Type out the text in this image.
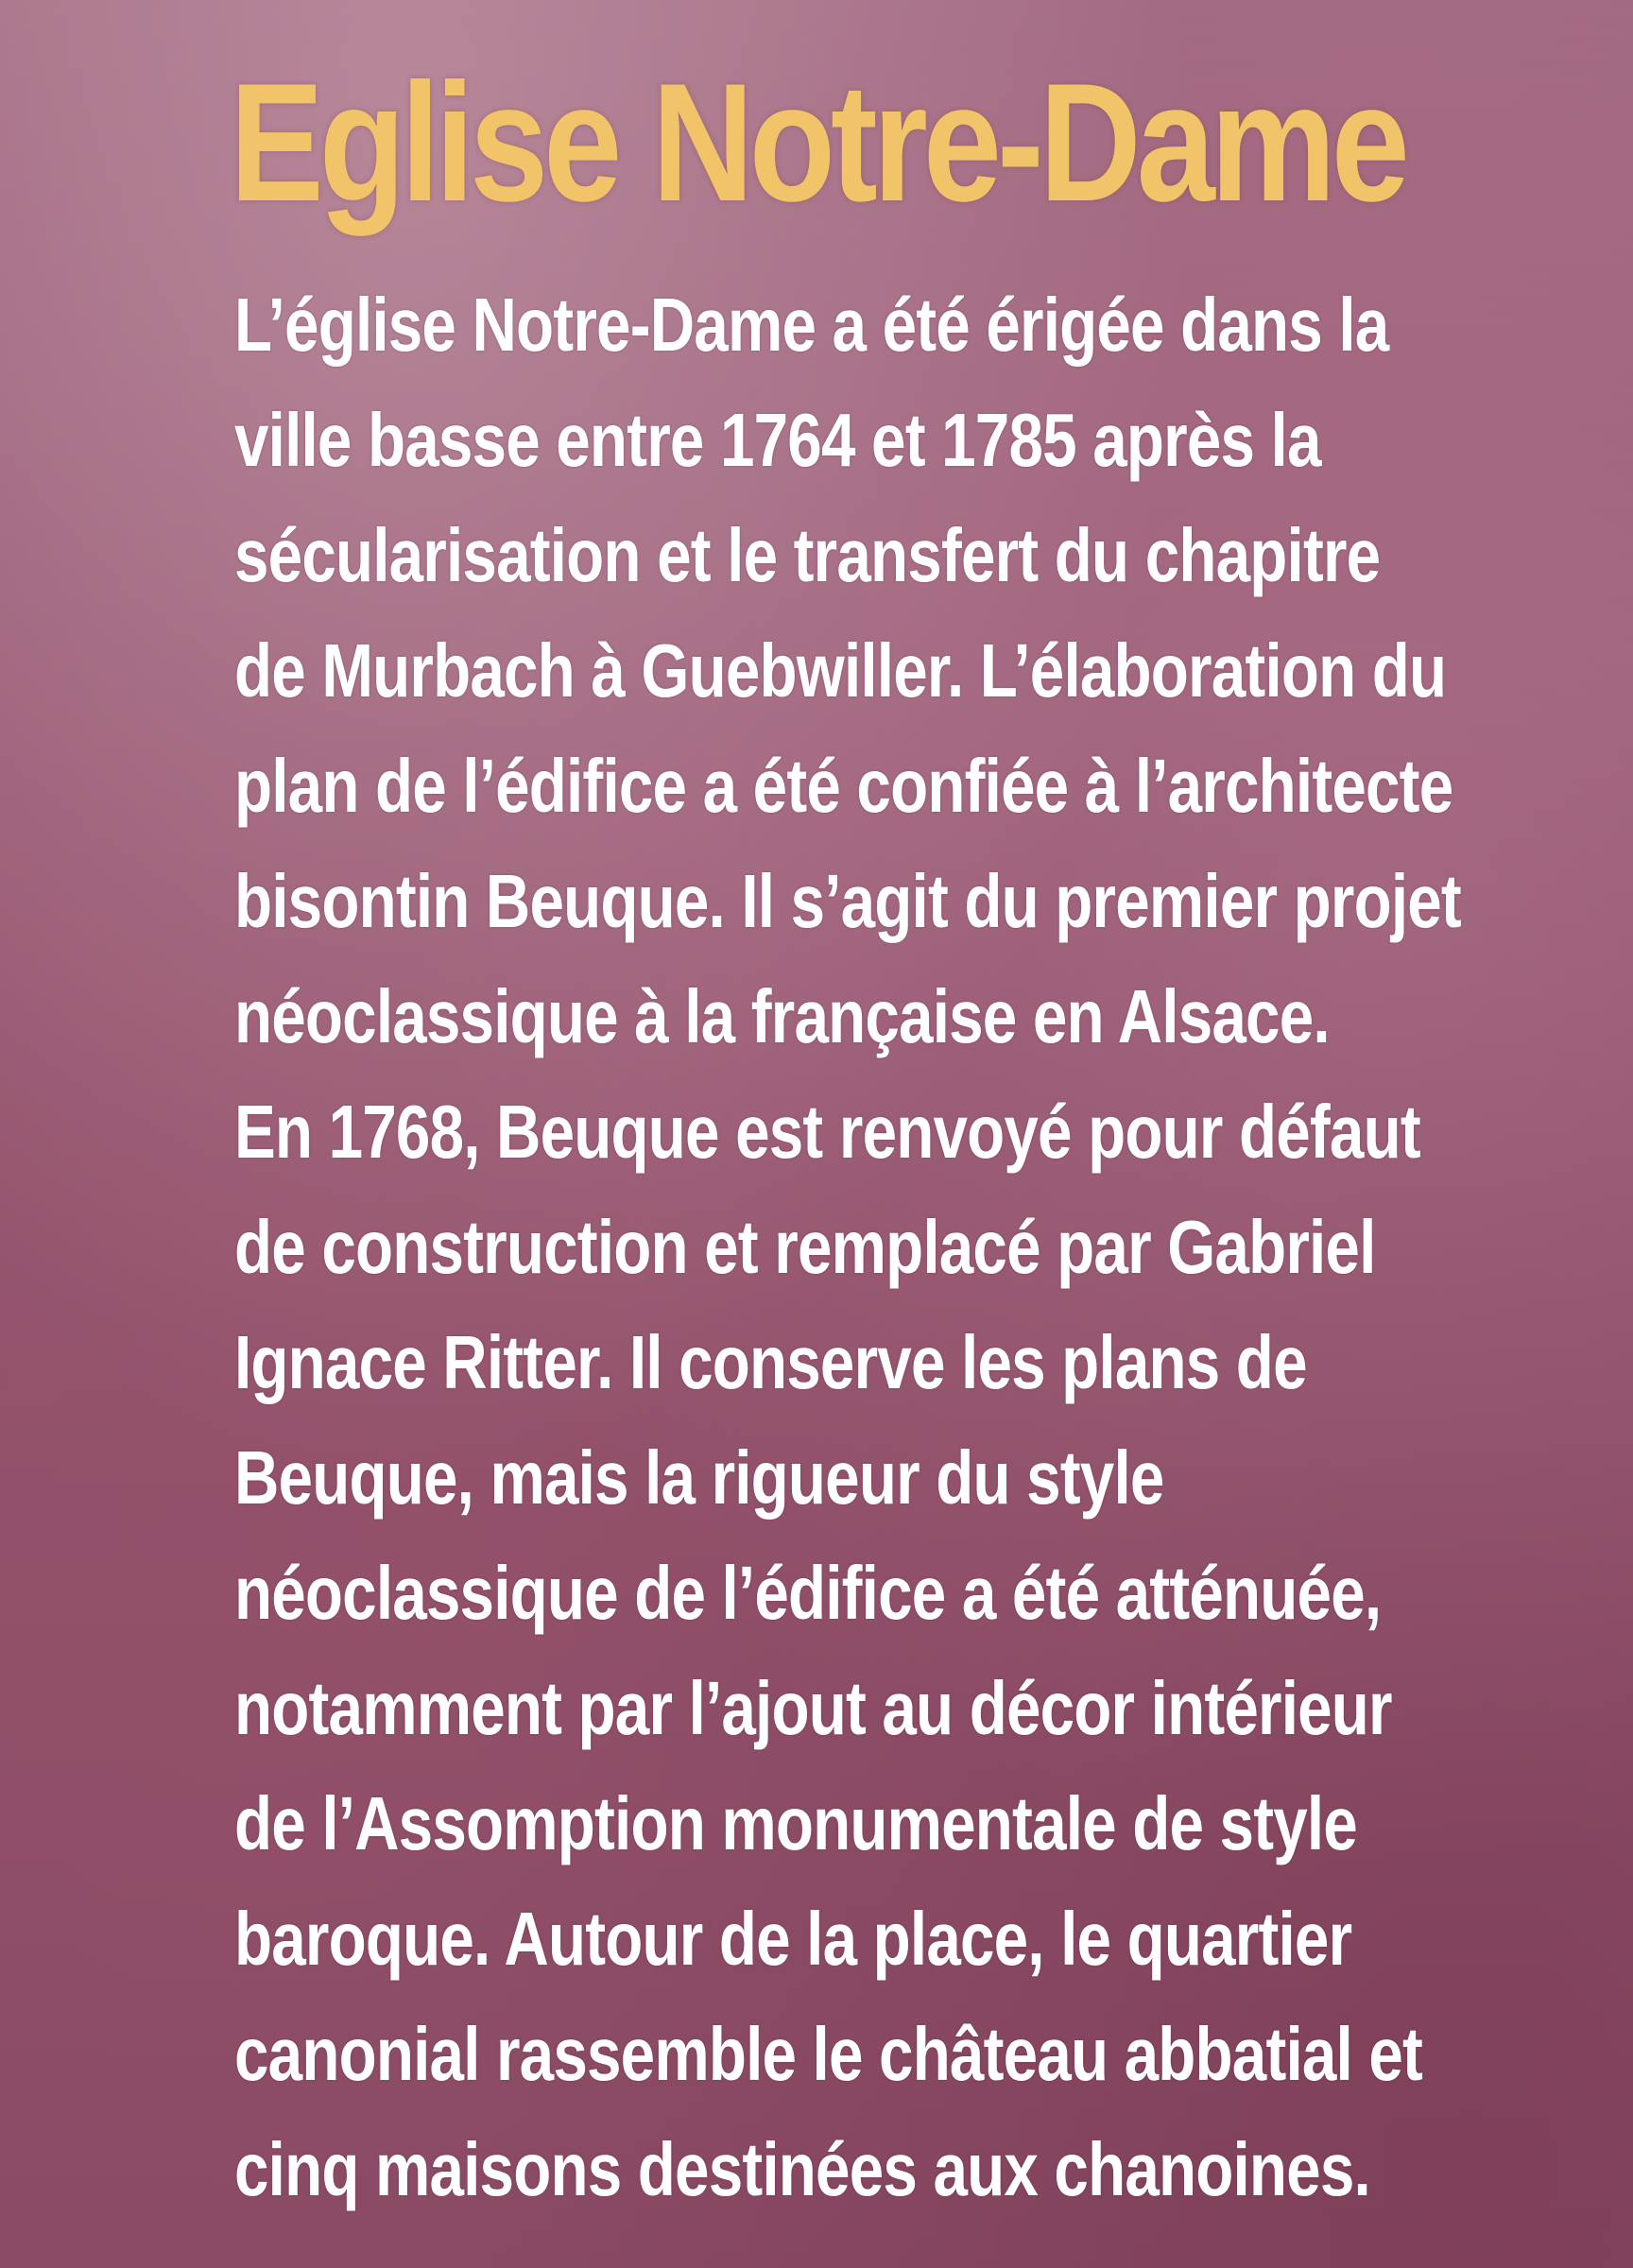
Eglise Notre-Dame
L’église Notre-Dame a été érigée dans la
ville basse entre 1764 et 1785 après la
sécularisation et le transfert du chapitre
de Murbach à Guebwiller. L’élaboration du
plan de l’édifice a été confiée à l’architecte
bisontin Beuque. Il s’agit du premier projet
néoclassique à la française en Alsace.
En 1768, Beuque est renvoyé pour défaut
de construction et remplacé par Gabriel
Ignace Ritter. Il conserve les plans de
Beuque, mais la rigueur du style
néoclassique de l’édifice a été atténuée,
notamment par l’ajout au décor intérieur
de l’Assomption monumentale de style
baroque. Autour de la place, le quartier
canonial rassemble le château abbatial et
cinq maisons destinées aux chanoines.
